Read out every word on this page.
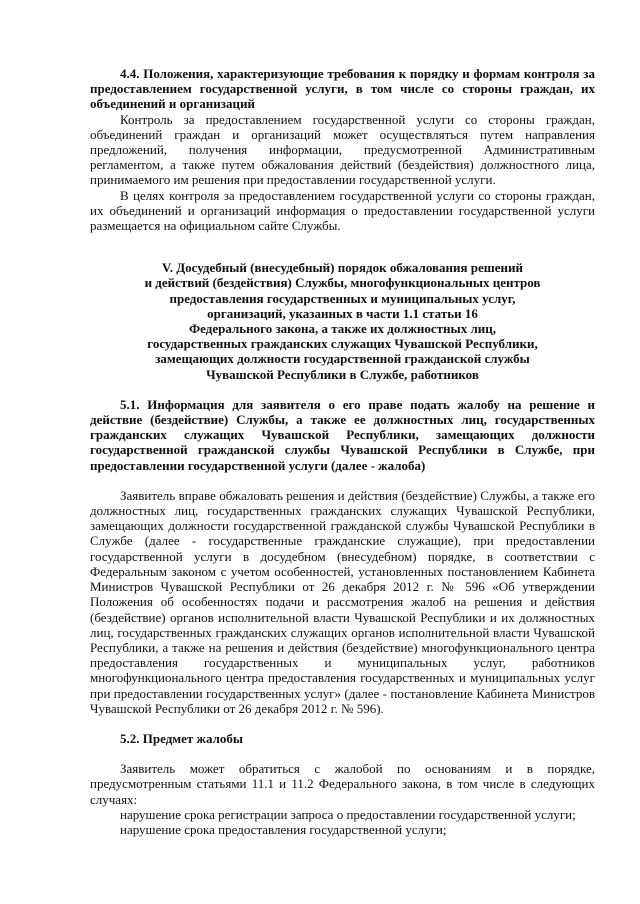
4.4. Положения, характеризующие требования к порядку и формам контроля за предоставлением государственной услуги, в том числе со стороны граждан, их объединений и организаций

Контроль за предоставлением государственной услуги со стороны граждан, объединений граждан и организаций может осуществляться путем направления предложений, получения информации, предусмотренной Административным регламентом, а также путем обжалования действий (бездействия) должностного лица, принимаемого им решения при предоставлении государственной услуги.

В целях контроля за предоставлением государственной услуги со стороны граждан, их объединений и организаций информация о предоставлении государственной услуги размещается на официальном сайте Службы.

V. Досудебный (внесудебный) порядок обжалования решений

и действий (бездействия) Службы, многофункциональных центров

предоставления государственных и муниципальных услуг,

организаций, указанных в части 1.1 статьи 16

Федерального закона, а также их должностных лиц,

государственных гражданских служащих Чувашской Республики,

замещающих должности государственной гражданской службы

Чувашской Республики в Службе, работников

5.1. Информация для заявителя о его праве подать жалобу на решение и действие (бездействие) Службы, а также ее должностных лиц, государственных гражданских служащих Чувашской Республики, замещающих должности государственной гражданской службы Чувашской Республики в Службе, при предоставлении государственной услуги (далее - жалоба)

Заявитель вправе обжаловать решения и действия (бездействие) Службы, а также его должностных лиц, государственных гражданских служащих Чувашской Республики, замещающих должности государственной гражданской службы Чувашской Республики в Службе (далее - государственные гражданские служащие), при предоставлении государственной услуги в досудебном (внесудебном) порядке, в соответствии с Федеральным законом с учетом особенностей, установленных постановлением Кабинета Министров Чувашской Республики от 26 декабря 2012 г. № 596 «Об утверждении Положения об особенностях подачи и рассмотрения жалоб на решения и действия (бездействие) органов исполнительной власти Чувашской Республики и их должностных лиц, государственных гражданских служащих органов исполнительной власти Чувашской Республики, а также на решения и действия (бездействие) многофункционального центра предоставления государственных и муниципальных услуг, работников многофункционального центра предоставления государственных и муниципальных услуг при предоставлении государственных услуг» (далее - постановление Кабинета Министров Чувашской Республики от 26 декабря 2012 г. № 596).

5.2. Предмет жалобы

Заявитель может обратиться с жалобой по основаниям и в порядке, предусмотренным статьями 11.1 и 11.2 Федерального закона, в том числе в следующих случаях:

нарушение срока регистрации запроса о предоставлении государственной услуги;

нарушение срока предоставления государственной услуги;
